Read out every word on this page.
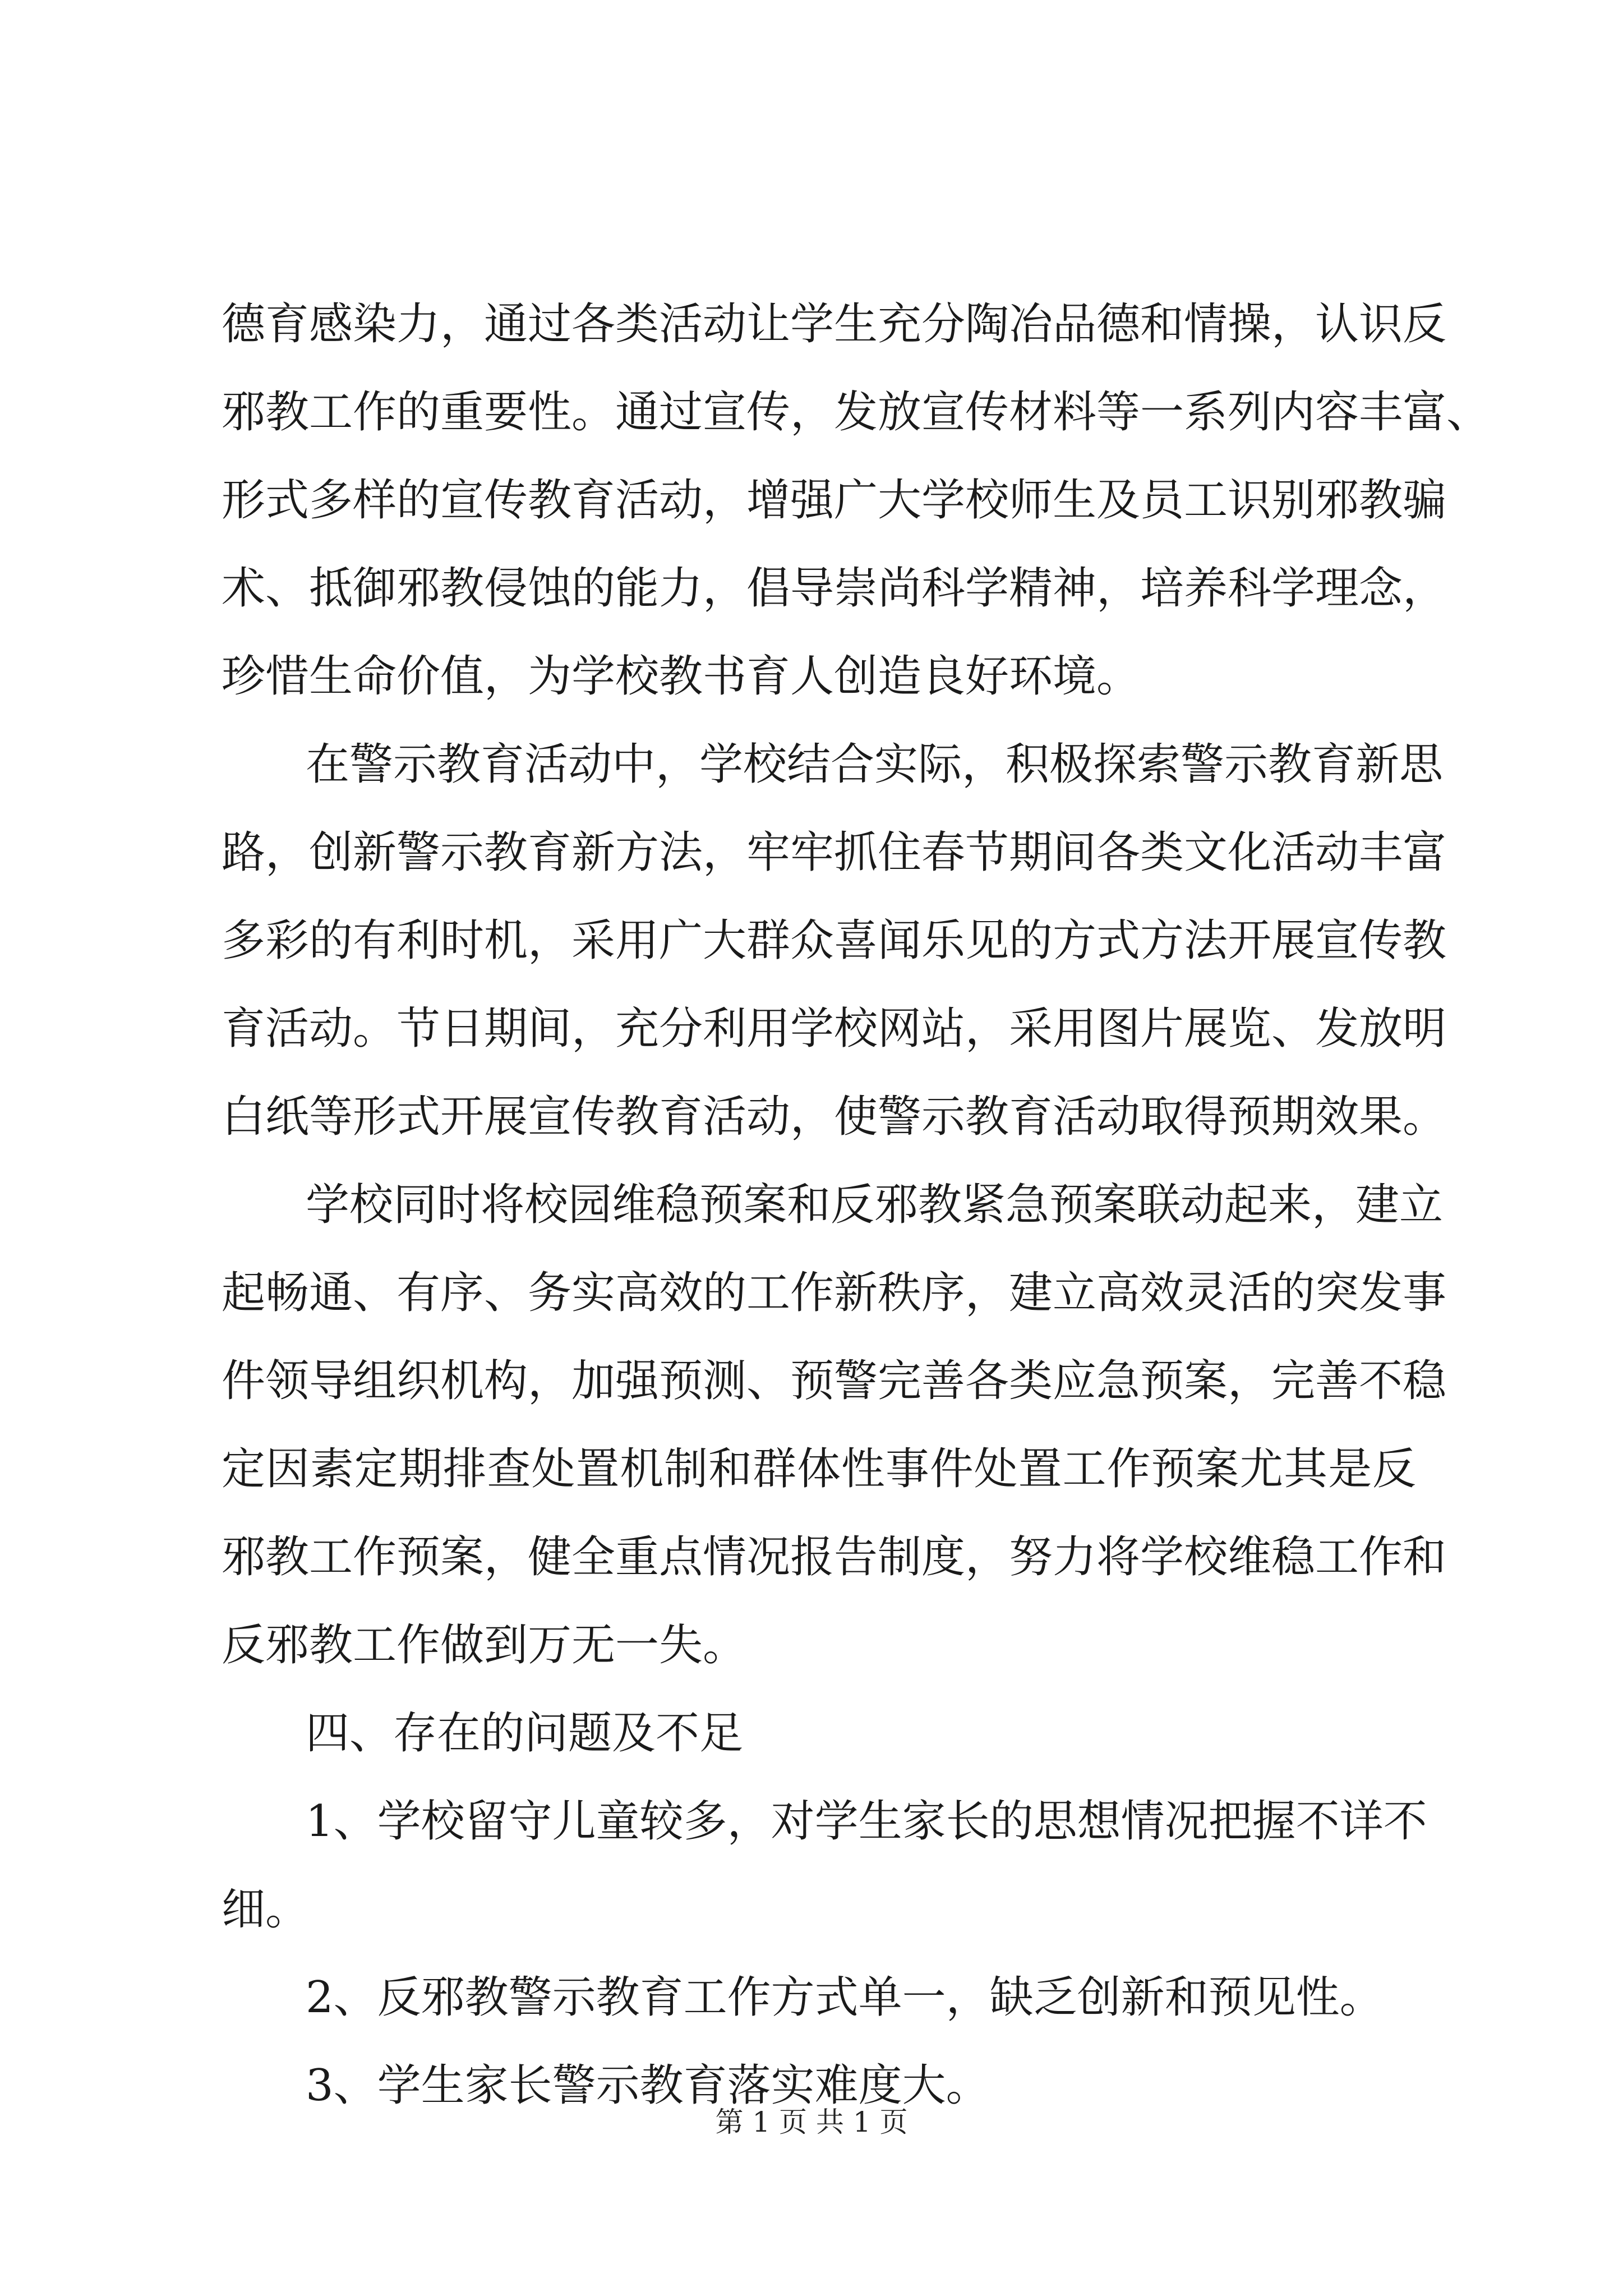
德育感染力，通过各类活动让学生充分陶冶品德和情操，认识反
邪教工作的重要性。通过宣传，发放宣传材料等一系列内容丰富、
形式多样的宣传教育活动，增强广大学校师生及员工识别邪教骗
术、抵御邪教侵蚀的能力，倡导崇尚科学精神，培养科学理念，
珍惜生命价值，为学校教书育人创造良好环境。
在警示教育活动中，学校结合实际，积极探索警示教育新思
路，创新警示教育新方法，牢牢抓住春节期间各类文化活动丰富
多彩的有利时机，采用广大群众喜闻乐见的方式方法开展宣传教
育活动。节日期间，充分利用学校网站，采用图片展览、发放明
白纸等形式开展宣传教育活动，使警示教育活动取得预期效果。
学校同时将校园维稳预案和反邪教紧急预案联动起来，建立
起畅通、有序、务实高效的工作新秩序，建立高效灵活的突发事
件领导组织机构，加强预测、预警完善各类应急预案，完善不稳
定因素定期排查处置机制和群体性事件处置工作预案尤其是反
邪教工作预案，健全重点情况报告制度，努力将学校维稳工作和
反邪教工作做到万无一失。
四、存在的问题及不足
1、学校留守儿童较多，对学生家长的思想情况把握不详不
细。
2、反邪教警示教育工作方式单一，缺乏创新和预见性。
3、学生家长警示教育落实难度大。
第 1 页 共 1 页
